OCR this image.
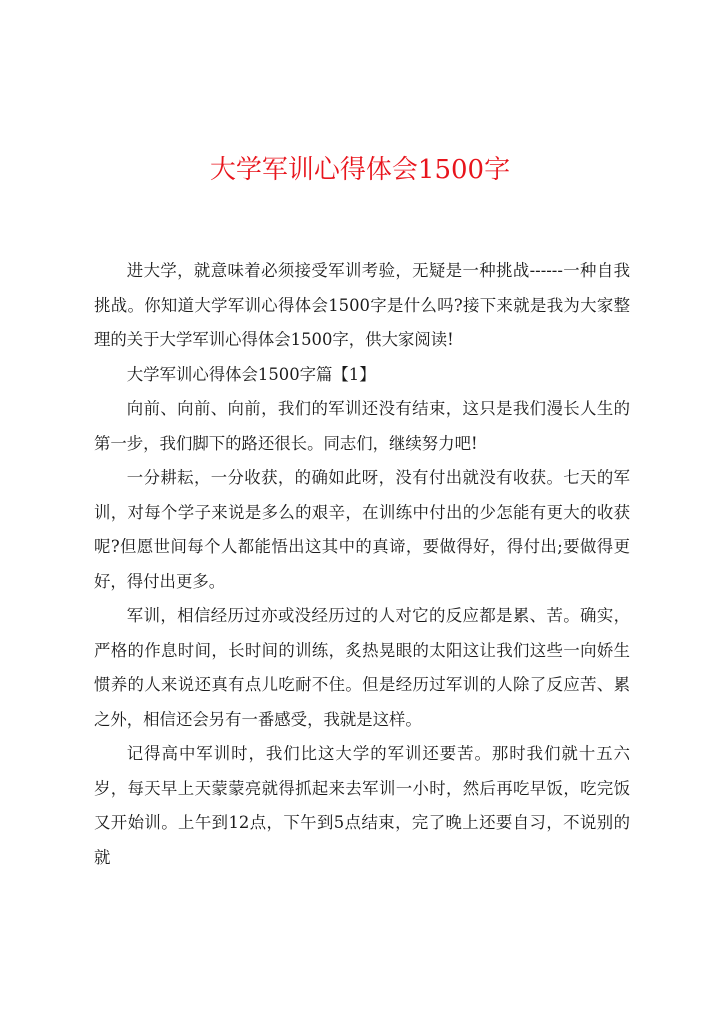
大学军训心得体会1500字

进大学，就意味着必须接受军训考验，无疑是一种挑战------一种自我挑战。你知道大学军训心得体会1500字是什么吗?接下来就是我为大家整理的关于大学军训心得体会1500字，供大家阅读!

大学军训心得体会1500字篇【1】

向前、向前、向前，我们的军训还没有结束，这只是我们漫长人生的第一步，我们脚下的路还很长。同志们，继续努力吧!

一分耕耘，一分收获，的确如此呀，没有付出就没有收获。七天的军训，对每个学子来说是多么的艰辛，在训练中付出的少怎能有更大的收获呢?但愿世间每个人都能悟出这其中的真谛，要做得好，得付出;要做得更好，得付出更多。

军训，相信经历过亦或没经历过的人对它的反应都是累、苦。确实，严格的作息时间，长时间的训练，炙热晃眼的太阳这让我们这些一向娇生惯养的人来说还真有点儿吃耐不住。但是经历过军训的人除了反应苦、累之外，相信还会另有一番感受，我就是这样。

记得高中军训时，我们比这大学的军训还要苦。那时我们就十五六岁，每天早上天蒙蒙亮就得抓起来去军训一小时，然后再吃早饭，吃完饭又开始训。上午到12点，下午到5点结束，完了晚上还要自习，不说别的就
